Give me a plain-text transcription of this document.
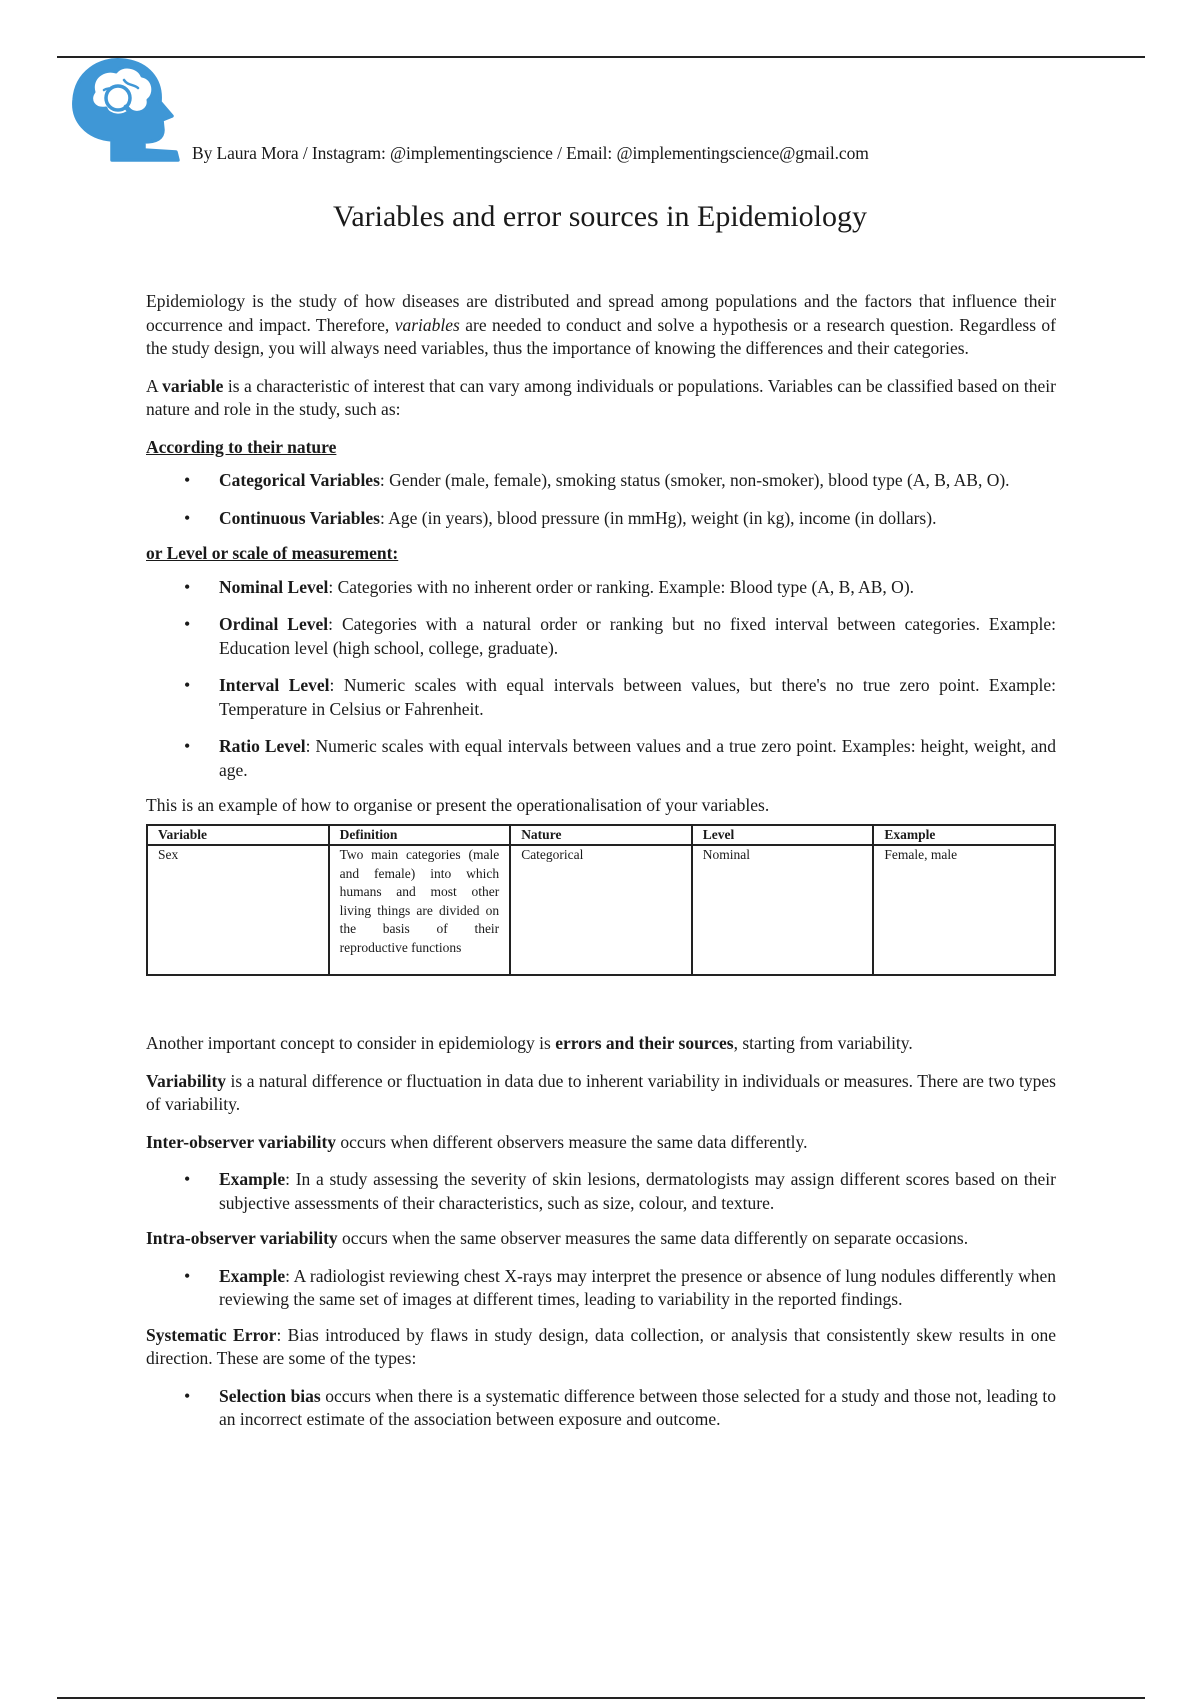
By Laura Mora / Instagram: @implementingscience / Email: @implementingscience@gmail.com
Variables and error sources in Epidemiology

Epidemiology is the study of how diseases are distributed and spread among populations and the factors that influence their occurrence and impact. Therefore, variables are needed to conduct and solve a hypothesis or a research question. Regardless of the study design, you will always need variables, thus the importance of knowing the differences and their categories.

A variable is a characteristic of interest that can vary among individuals or populations. Variables can be classified based on their nature and role in the study, such as:

According to their nature
• Categorical Variables: Gender (male, female), smoking status (smoker, non-smoker), blood type (A, B, AB, O).
• Continuous Variables: Age (in years), blood pressure (in mmHg), weight (in kg), income (in dollars).
or Level or scale of measurement:
• Nominal Level: Categories with no inherent order or ranking. Example: Blood type (A, B, AB, O).
• Ordinal Level: Categories with a natural order or ranking but no fixed interval between categories. Example: Education level (high school, college, graduate).
• Interval Level: Numeric scales with equal intervals between values, but there's no true zero point. Example: Temperature in Celsius or Fahrenheit.
• Ratio Level: Numeric scales with equal intervals between values and a true zero point. Examples: height, weight, and age.

This is an example of how to organise or present the operationalisation of your variables.

Variable	Definition	Nature	Level	Example
Sex	Two main categories (male and female) into which humans and most other living things are divided on the basis of their reproductive functions	Categorical	Nominal	Female, male

Another important concept to consider in epidemiology is errors and their sources, starting from variability.

Variability is a natural difference or fluctuation in data due to inherent variability in individuals or measures. There are two types of variability.

Inter-observer variability occurs when different observers measure the same data differently.

• Example: In a study assessing the severity of skin lesions, dermatologists may assign different scores based on their subjective assessments of their characteristics, such as size, colour, and texture.

Intra-observer variability occurs when the same observer measures the same data differently on separate occasions.

• Example: A radiologist reviewing chest X-rays may interpret the presence or absence of lung nodules differently when reviewing the same set of images at different times, leading to variability in the reported findings.

Systematic Error: Bias introduced by flaws in study design, data collection, or analysis that consistently skew results in one direction. These are some of the types:

• Selection bias occurs when there is a systematic difference between those selected for a study and those not, leading to an incorrect estimate of the association between exposure and outcome.
